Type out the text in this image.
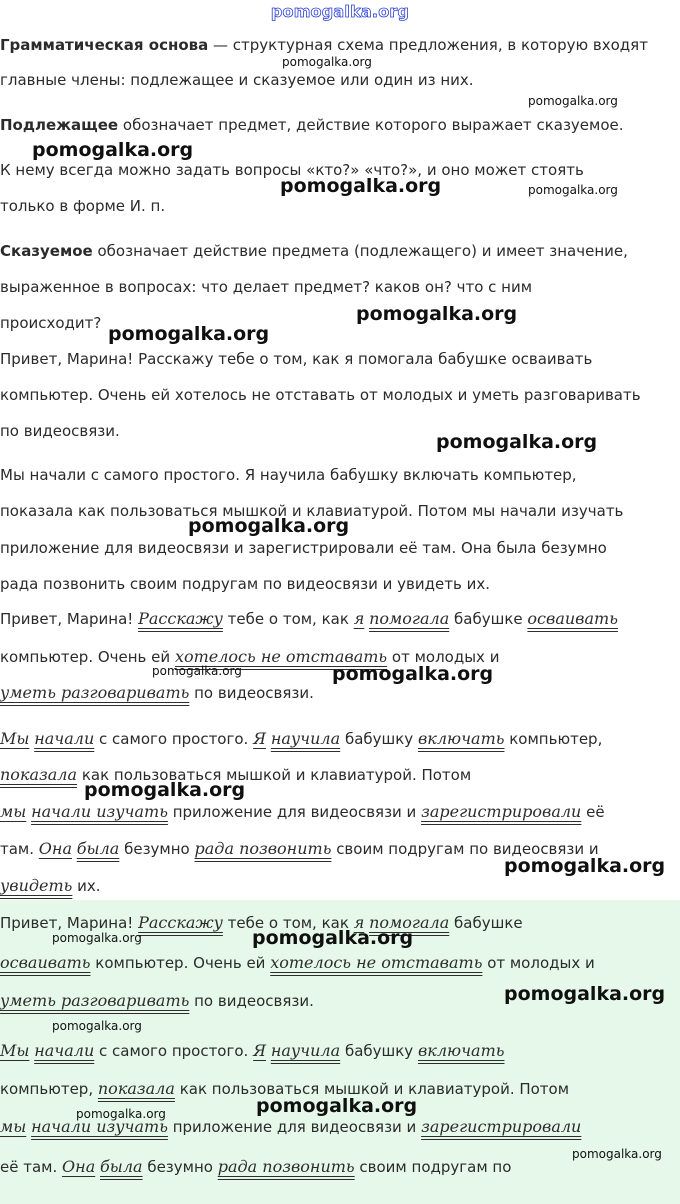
pomogalka.org
Грамматическая основа — структурная схема предложения, в которую входят
главные члены: подлежащее и сказуемое или один из них.
Подлежащее обозначает предмет, действие которого выражает сказуемое.
К нему всегда можно задать вопросы «кто?» «что?», и оно может стоять
только в форме И. п.
Сказуемое обозначает действие предмета (подлежащего) и имеет значение,
выраженное в вопросах: что делает предмет? каков он? что с ним
происходит?
Привет, Марина! Расскажу тебе о том, как я помогала бабушке осваивать
компьютер. Очень ей хотелось не отставать от молодых и уметь разговаривать
по видеосвязи.
Мы начали с самого простого. Я научила бабушку включать компьютер,
показала как пользоваться мышкой и клавиатурой. Потом мы начали изучать
приложение для видеосвязи и зарегистрировали её там. Она была безумно
рада позвонить своим подругам по видеосвязи и увидеть их.
Привет, Марина! Расскажу тебе о том, как я помогала бабушке осваивать
компьютер. Очень ей хотелось не отставать от молодых и
уметь разговаривать по видеосвязи.
Мы начали с самого простого. Я научила бабушку включать компьютер,
показала как пользоваться мышкой и клавиатурой. Потом
мы начали изучать приложение для видеосвязи и зарегистрировали её
там. Она была безумно рада позвонить своим подругам по видеосвязи и
увидеть их.
Привет, Марина! Расскажу тебе о том, как я помогала бабушке
осваивать компьютер. Очень ей хотелось не отставать от молодых и
уметь разговаривать по видеосвязи.
Мы начали с самого простого. Я научила бабушку включать
компьютер, показала как пользоваться мышкой и клавиатурой. Потом
мы начали изучать приложение для видеосвязи и зарегистрировали
её там. Она была безумно рада позвонить своим подругам по
pomogalka.org
pomogalka.org
pomogalka.org
pomogalka.org	pomogalka.org
pomogalka.org
pomogalka.org
pomogalka.org
pomogalka.org
pomogalka.org	pomogalka.org
pomogalka.org
pomogalka.org
pomogalka.org	pomogalka.org
pomogalka.org
pomogalka.org
pomogalka.org
pomogalka.org
pomogalka.org
